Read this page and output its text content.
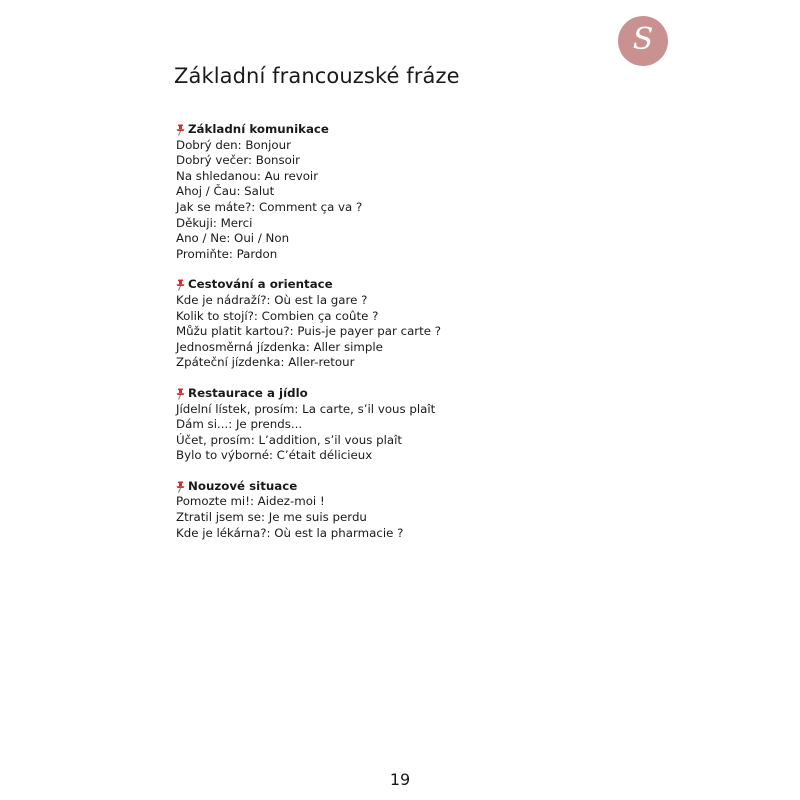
S
Základní francouzské fráze
Základní komunikace
Dobrý den: Bonjour
Dobrý večer: Bonsoir
Na shledanou: Au revoir
Ahoj / Čau: Salut
Jak se máte?: Comment ça va ?
Děkuji: Merci
Ano / Ne: Oui / Non
Promiňte: Pardon
Cestování a orientace
Kde je nádraží?: Où est la gare ?
Kolik to stojí?: Combien ça coûte ?
Můžu platit kartou?: Puis-je payer par carte ?
Jednosměrná jízdenka: Aller simple
Zpáteční jízdenka: Aller-retour
Restaurace a jídlo
Jídelní lístek, prosím: La carte, s’il vous plaît
Dám si...: Je prends...
Účet, prosím: L’addition, s’il vous plaît
Bylo to výborné: C’était délicieux
Nouzové situace
Pomozte mi!: Aidez-moi !
Ztratil jsem se: Je me suis perdu
Kde je lékárna?: Où est la pharmacie ?
19
